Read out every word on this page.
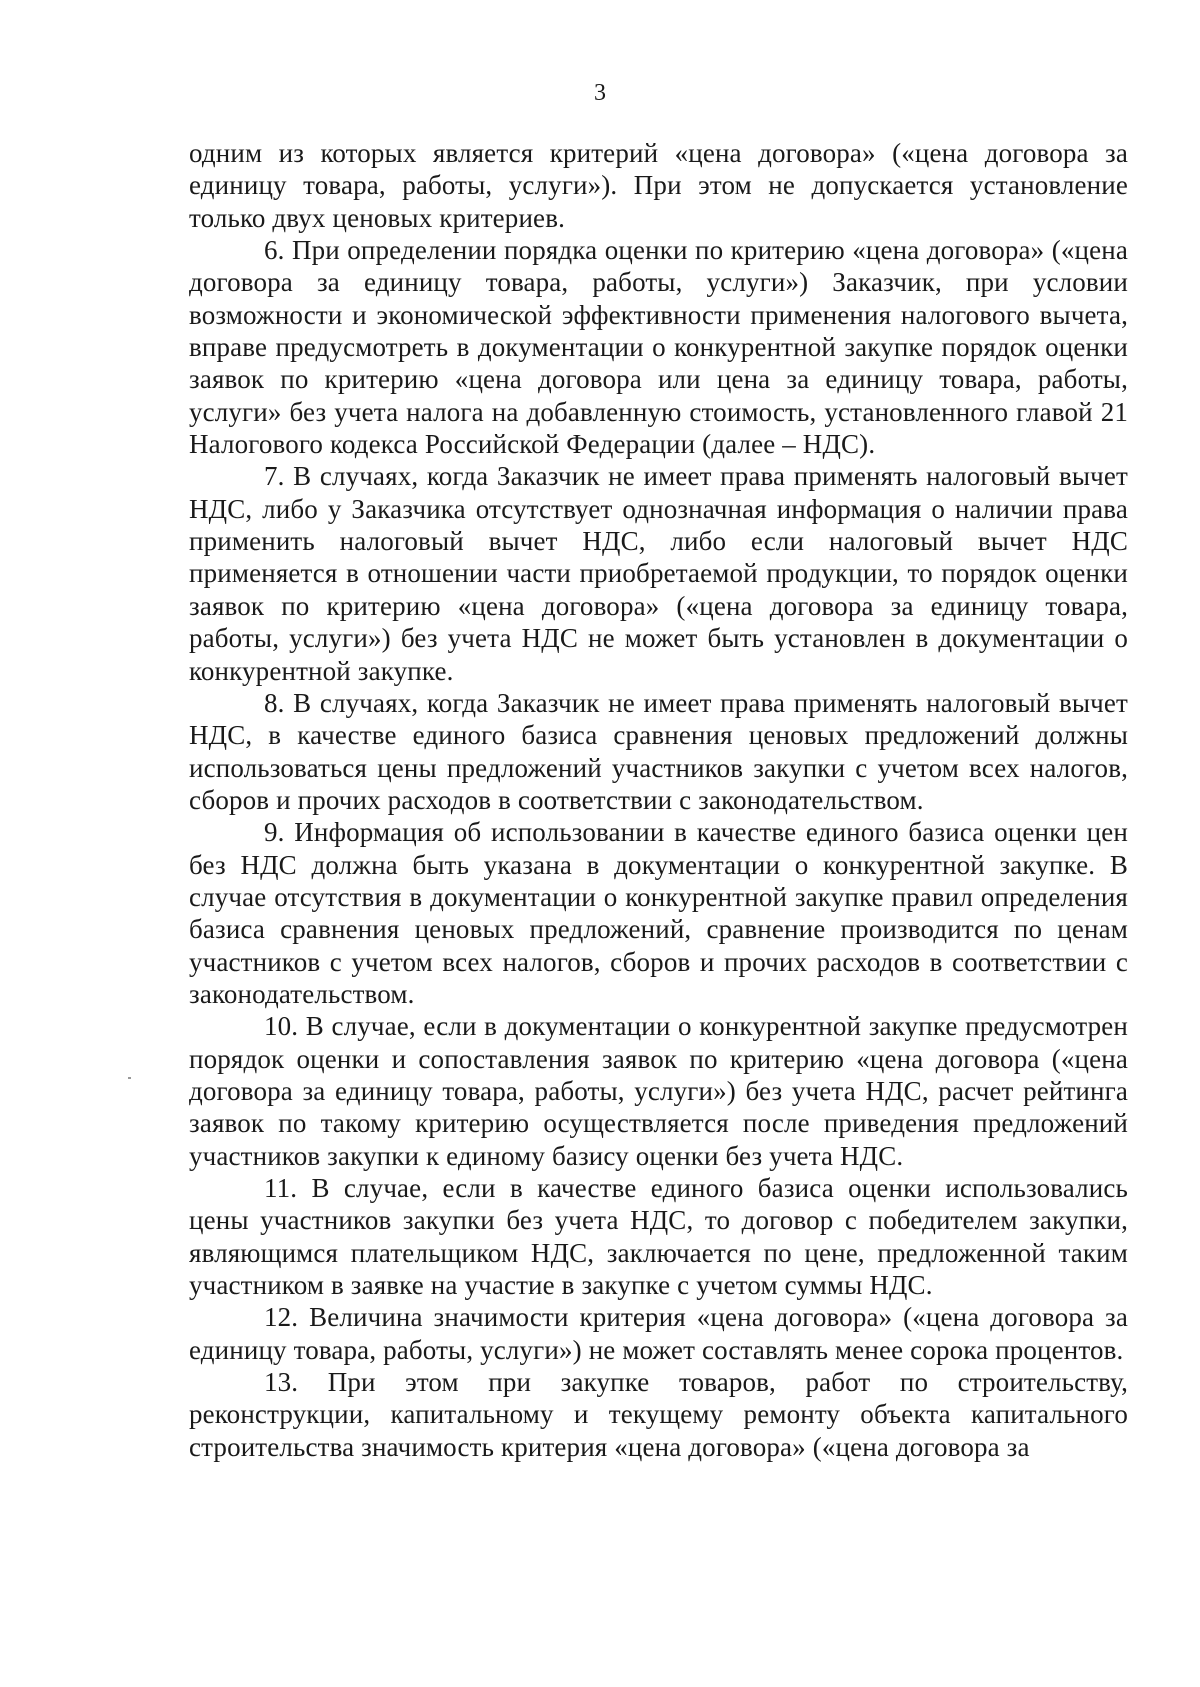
3

одним из которых является критерий «цена договора» («цена договора за единицу товара, работы, услуги»). При этом не допускается установление только двух ценовых критериев.

6. При определении порядка оценки по критерию «цена договора» («цена договора за единицу товара, работы, услуги») Заказчик, при условии возможности и экономической эффективности применения налогового вычета, вправе предусмотреть в документации о конкурентной закупке порядок оценки заявок по критерию «цена договора или цена за единицу товара, работы, услуги» без учета налога на добавленную стоимость, установленного главой 21 Налогового кодекса Российской Федерации (далее – НДС).

7. В случаях, когда Заказчик не имеет права применять налоговый вычет НДС, либо у Заказчика отсутствует однозначная информация о наличии права применить налоговый вычет НДС, либо если налоговый вычет НДС применяется в отношении части приобретаемой продукции, то порядок оценки заявок по критерию «цена договора» («цена договора за единицу товара, работы, услуги») без учета НДС не может быть установлен в документации о конкурентной закупке.

8. В случаях, когда Заказчик не имеет права применять налоговый вычет НДС, в качестве единого базиса сравнения ценовых предложений должны использоваться цены предложений участников закупки с учетом всех налогов, сборов и прочих расходов в соответствии с законодательством.

9. Информация об использовании в качестве единого базиса оценки цен без НДС должна быть указана в документации о конкурентной закупке. В случае отсутствия в документации о конкурентной закупке правил определения базиса сравнения ценовых предложений, сравнение производится по ценам участников с учетом всех налогов, сборов и прочих расходов в соответствии с законодательством.

10. В случае, если в документации о конкурентной закупке предусмотрен порядок оценки и сопоставления заявок по критерию «цена договора («цена договора за единицу товара, работы, услуги») без учета НДС, расчет рейтинга заявок по такому критерию осуществляется после приведения предложений участников закупки к единому базису оценки без учета НДС.

11. В случае, если в качестве единого базиса оценки использовались цены участников закупки без учета НДС, то договор с победителем закупки, являющимся плательщиком НДС, заключается по цене, предложенной таким участником в заявке на участие в закупке с учетом суммы НДС.

12. Величина значимости критерия «цена договора» («цена договора за единицу товара, работы, услуги») не может составлять менее сорока процентов.

13. При этом при закупке товаров, работ по строительству, реконструкции, капитальному и текущему ремонту объекта капитального строительства значимость критерия «цена договора» («цена договора за
